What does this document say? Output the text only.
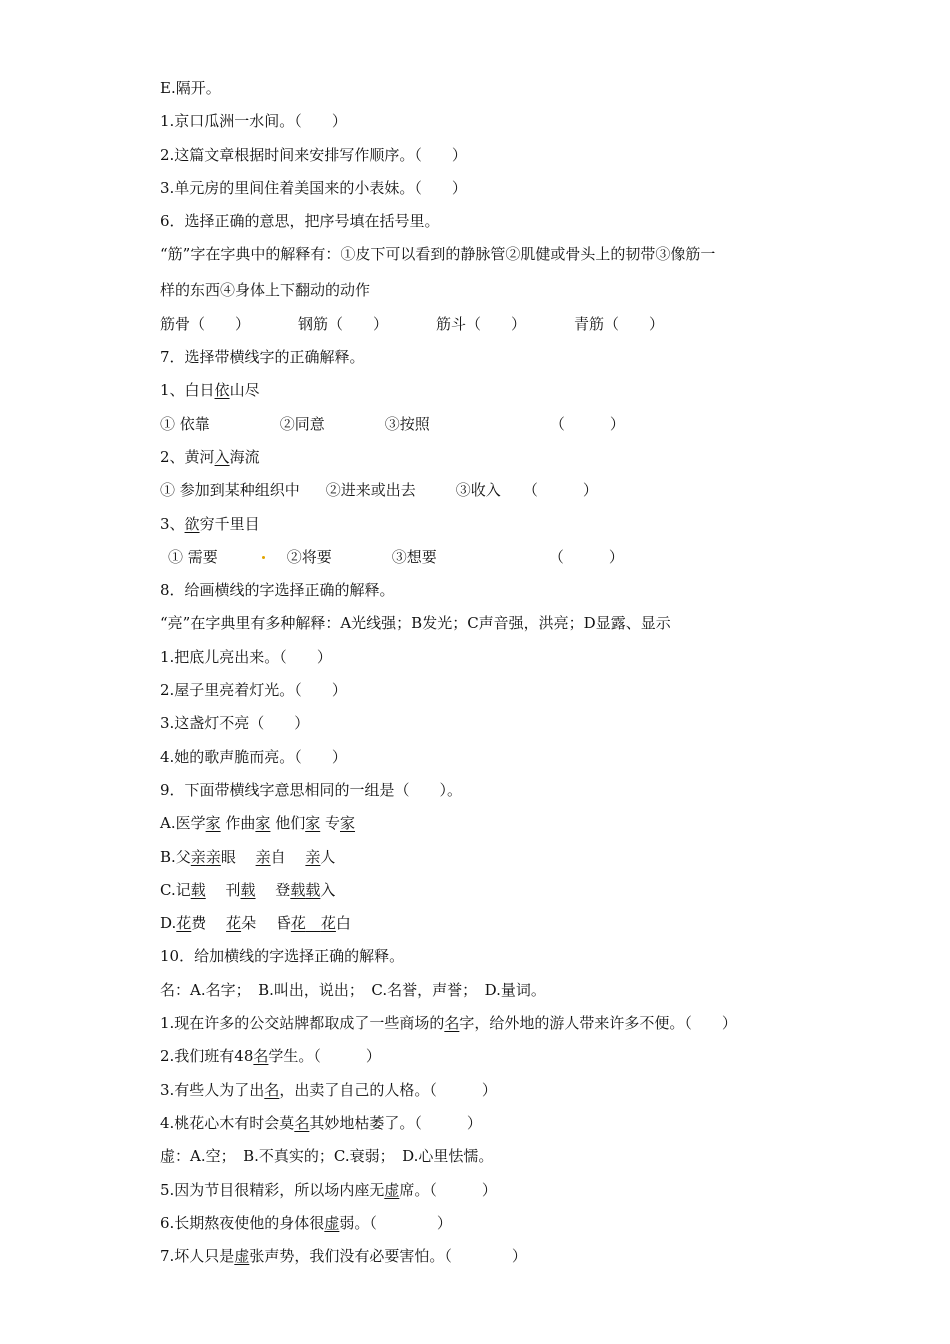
E.隔开。
1.京口瓜洲一水间。（　　）
2.这篇文章根据时间来安排写作顺序。（　　）
3.单元房的里间住着美国来的小表妹。（　　）
6．选择正确的意思，把序号填在括号里。
“筋”字在字典中的解释有：①皮下可以看到的静脉管②肌健或骨头上的韧带③像筋一
样的东西④身体上下翻动的动作
筋骨（　　）	钢筋（　　）	筋斗（　　）	青筋（　　）
7．选择带横线字的正确解释。
1、白日依山尽
① 依靠	②同意	③按照	（　　　）
2、黄河入海流
① 参加到某种组织中 ②进来或出去	③收入 （　　　）
3、欲穷千里目
① 需要	②将要	③想要	（　　　）
8．给画横线的字选择正确的解释。
“亮”在字典里有多种解释：A光线强；B发光；C声音强，洪亮；D显露、显示
1.把底儿亮出来。（　　）
2.屋子里亮着灯光。（　　）
3.这盏灯不亮（　　）
4.她的歌声脆而亮。（　　）
9．下面带横线字意思相同的一组是（　　）。
A.医学家 作曲家 他们家 专家
B.父亲亲眼　 亲自　 亲人
C.记载　 刊载　 登载载入
D.花费　 花朵　 昏花　 花白
10．给加横线的字选择正确的解释。
名：A.名字；　B.叫出，说出；　C.名誉，声誉；　D.量词。
1.现在许多的公交站牌都取成了一些商场的名字，给外地的游人带来许多不便。（　　）
2.我们班有48名学生。（　　　）
3.有些人为了出名，出卖了自己的人格。（　　　）
4.桃花心木有时会莫名其妙地枯萎了。（　　　）
虚：A.空；　B.不真实的；C.衰弱；　D.心里怯懦。
5.因为节目很精彩，所以场内座无虚席。（　　　）
6.长期熬夜使他的身体很虚弱。（　　　　）
7.坏人只是虚张声势，我们没有必要害怕。（　　　　）
